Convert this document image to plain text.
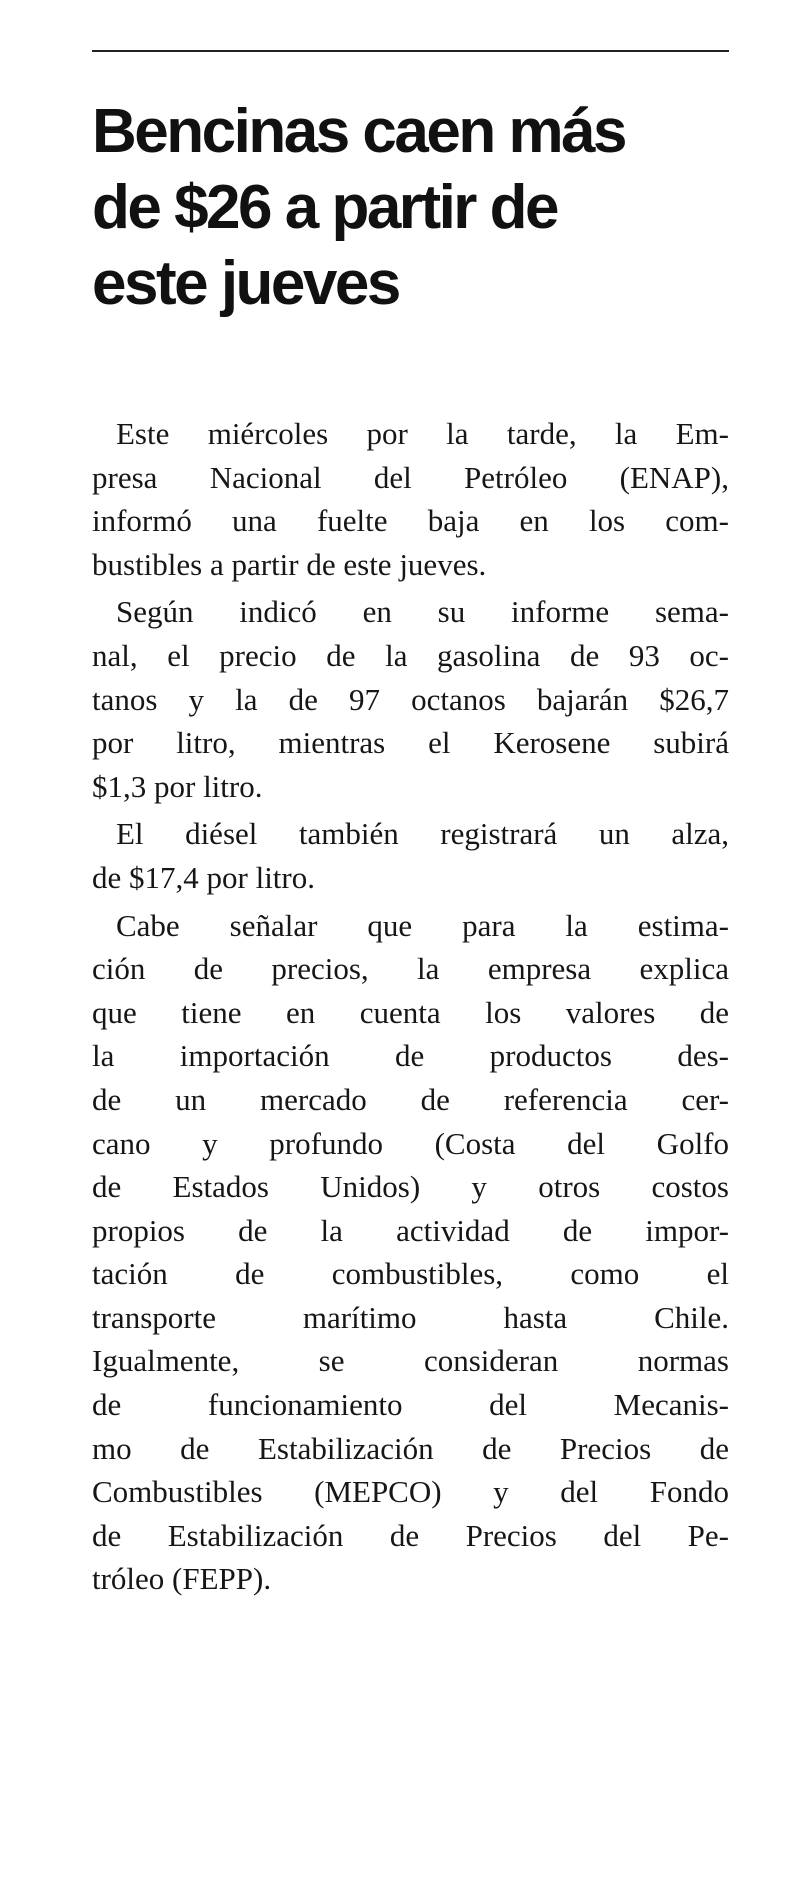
Bencinas caen más
de $26 a partir de
este jueves
Este miércoles por la tarde, la Em-
presa Nacional del Petróleo (ENAP),
informó una fuelte baja en los com-
bustibles a partir de este jueves.
Según indicó en su informe sema-
nal, el precio de la gasolina de 93 oc-
tanos y la de 97 octanos bajarán $26,7
por litro, mientras el Kerosene subirá
$1,3 por litro.
El diésel también registrará un alza,
de $17,4 por litro.
Cabe señalar que para la estima-
ción de precios, la empresa explica
que tiene en cuenta los valores de
la importación de productos des-
de un mercado de referencia cer-
cano y profundo (Costa del Golfo
de Estados Unidos) y otros costos
propios de la actividad de impor-
tación de combustibles, como el
transporte marítimo hasta Chile.
Igualmente, se consideran normas
de funcionamiento del Mecanis-
mo de Estabilización de Precios de
Combustibles (MEPCO) y del Fondo
de Estabilización de Precios del Pe-
tróleo (FEPP).
